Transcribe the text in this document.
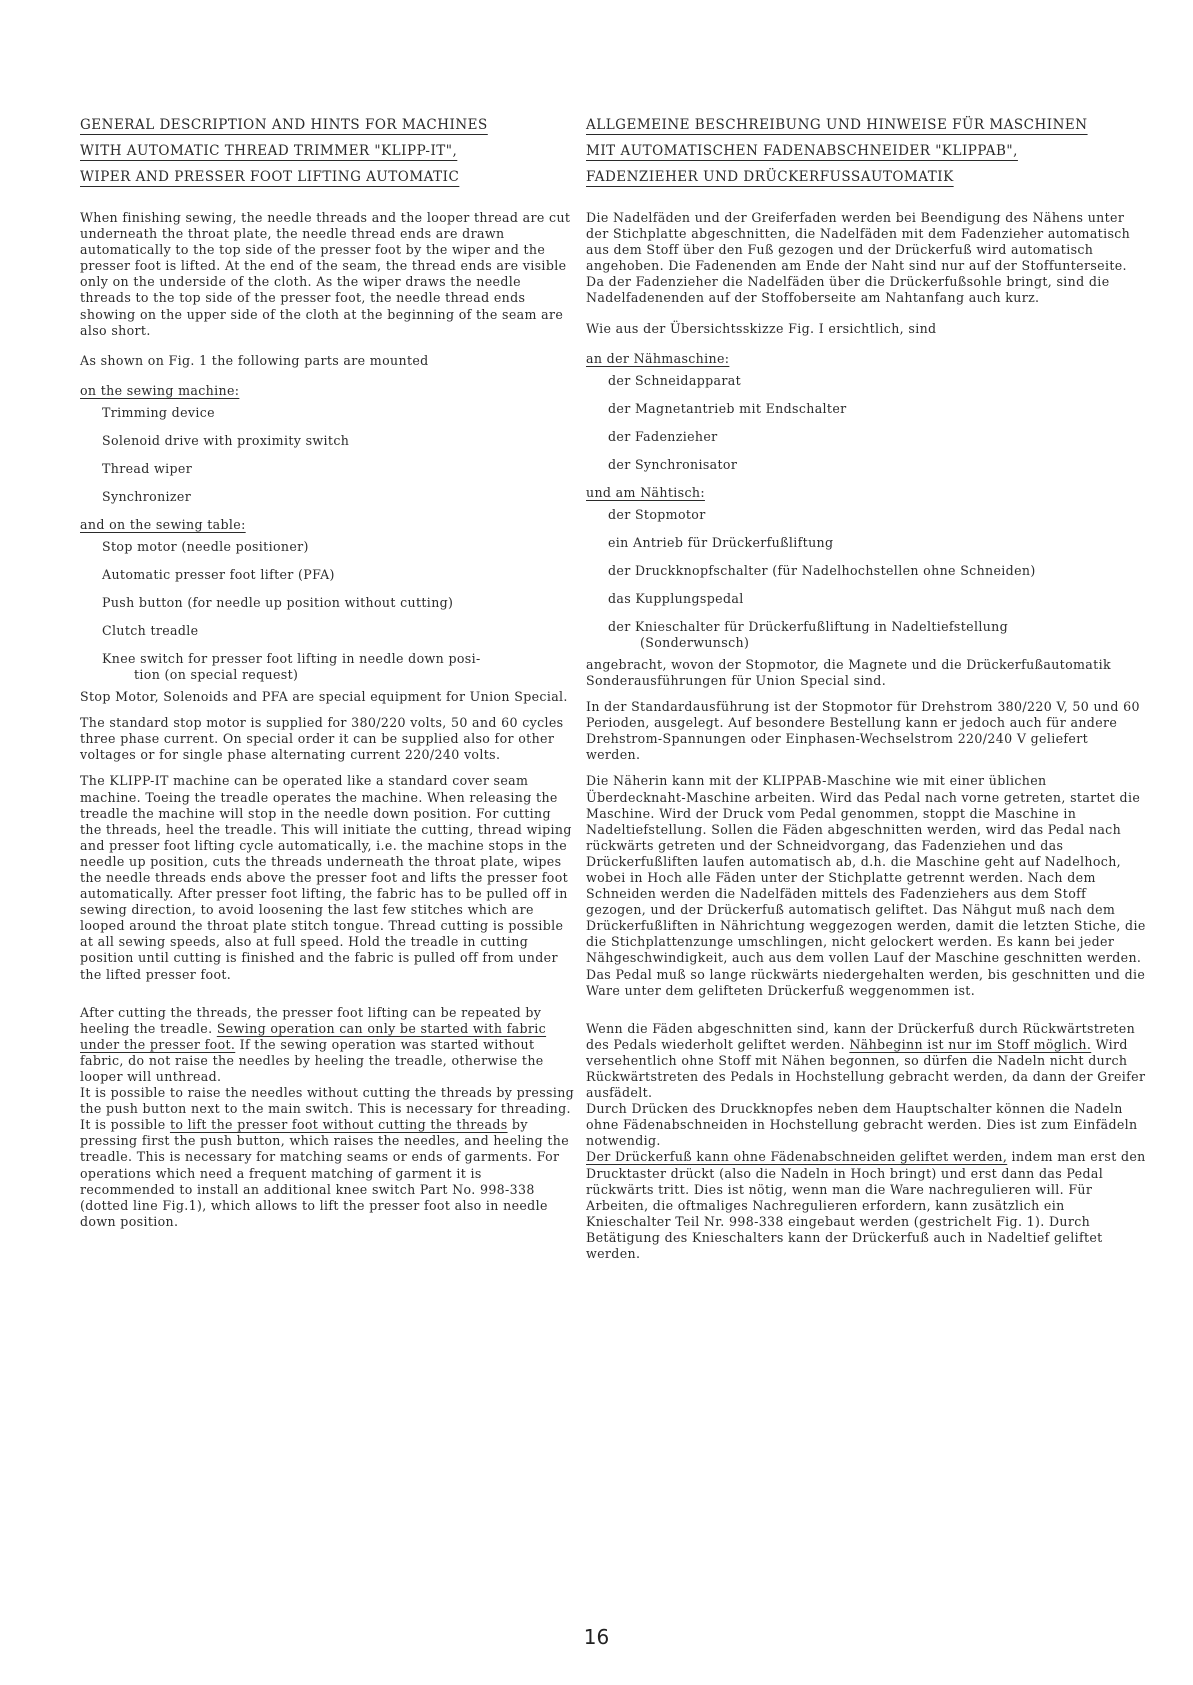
GENERAL DESCRIPTION AND HINTS FOR MACHINES
WITH AUTOMATIC THREAD TRIMMER "KLIPP-IT",
WIPER AND PRESSER FOOT LIFTING AUTOMATIC

When finishing sewing, the needle threads and the looper thread are cut underneath the throat plate, the needle thread ends are drawn automatically to the top side of the presser foot by the wiper and the presser foot is lifted. At the end of the seam, the thread ends are visible only on the underside of the cloth. As the wiper draws the needle threads to the top side of the presser foot, the needle thread ends showing on the upper side of the cloth at the beginning of the seam are also short.

As shown on Fig. 1 the following parts are mounted

on the sewing machine:

Trimming device
Solenoid drive with proximity switch
Thread wiper
Synchronizer

and on the sewing table:

Stop motor (needle positioner)
Automatic presser foot lifter (PFA)
Push button (for needle up position without cutting)
Clutch treadle
Knee switch for presser foot lifting in needle down posi-
tion (on special request)

Stop Motor, Solenoids and PFA are special equipment for Union Special.

The standard stop motor is supplied for 380/220 volts, 50 and 60 cycles three phase current. On special order it can be supplied also for other voltages or for single phase alternating current 220/240 volts.

The KLIPP-IT machine can be operated like a standard cover seam machine. Toeing the treadle operates the machine. When releasing the treadle the machine will stop in the needle down position. For cutting the threads, heel the treadle. This will initiate the cutting, thread wiping and presser foot lifting cycle automatically, i.e. the machine stops in the needle up position, cuts the threads underneath the throat plate, wipes the needle threads ends above the presser foot and lifts the presser foot automatically. After presser foot lifting, the fabric has to be pulled off in sewing direction, to avoid loosening the last few stitches which are looped around the throat plate stitch tongue. Thread cutting is possible at all sewing speeds, also at full speed. Hold the treadle in cutting position until cutting is finished and the fabric is pulled off from under the lifted presser foot.

After cutting the threads, the presser foot lifting can be repeated by heeling the treadle. Sewing operation can only be started with fabric under the presser foot. If the sewing operation was started without fabric, do not raise the needles by heeling the treadle, otherwise the looper will unthread.

It is possible to raise the needles without cutting the threads by pressing the push button next to the main switch. This is necessary for threading.

It is possible to lift the presser foot without cutting the threads by pressing first the push button, which raises the needles, and heeling the treadle. This is necessary for matching seams or ends of garments. For operations which need a frequent matching of garment it is recommended to install an additional knee switch Part No. 998-338 (dotted line Fig.1), which allows to lift the presser foot also in needle down position.

ALLGEMEINE BESCHREIBUNG UND HINWEISE FÜR MASCHINEN
MIT AUTOMATISCHEN FADENABSCHNEIDER "KLIPPAB",
FADENZIEHER UND DRÜCKERFUSSAUTOMATIK

Die Nadelfäden und der Greiferfaden werden bei Beendigung des Nähens unter der Stichplatte abgeschnitten, die Nadelfäden mit dem Fadenzieher automatisch aus dem Stoff über den Fuß gezogen und der Drückerfuß wird automatisch angehoben. Die Fadenenden am Ende der Naht sind nur auf der Stoffunterseite. Da der Fadenzieher die Nadelfäden über die Drückerfußsohle bringt, sind die Nadelfadenenden auf der Stoffoberseite am Nahtanfang auch kurz.

Wie aus der Übersichtsskizze Fig. I ersichtlich, sind

an der Nähmaschine:

der Schneidapparat
der Magnetantrieb mit Endschalter
der Fadenzieher
der Synchronisator

und am Nähtisch:

der Stopmotor
ein Antrieb für Drückerfußliftung
der Druckknopfschalter (für Nadelhochstellen ohne Schneiden)
das Kupplungspedal
der Knieschalter für Drückerfußliftung in Nadeltiefstellung
(Sonderwunsch)

angebracht, wovon der Stopmotor, die Magnete und die Drückerfußautomatik Sonderausführungen für Union Special sind.

In der Standardausführung ist der Stopmotor für Drehstrom 380/220 V, 50 und 60 Perioden, ausgelegt. Auf besondere Bestellung kann er jedoch auch für andere Drehstrom-Spannungen oder Einphasen-Wechselstrom 220/240 V geliefert werden.

Die Näherin kann mit der KLIPPAB-Maschine wie mit einer üblichen Überdecknaht-Maschine arbeiten. Wird das Pedal nach vorne getreten, startet die Maschine. Wird der Druck vom Pedal genommen, stoppt die Maschine in Nadeltiefstellung. Sollen die Fäden abgeschnitten werden, wird das Pedal nach rückwärts getreten und der Schneidvorgang, das Fadenziehen und das Drückerfußliften laufen automatisch ab, d.h. die Maschine geht auf Nadelhoch, wobei in Hoch alle Fäden unter der Stichplatte getrennt werden. Nach dem Schneiden werden die Nadelfäden mittels des Fadenziehers aus dem Stoff gezogen, und der Drückerfuß automatisch geliftet. Das Nähgut muß nach dem Drückerfußliften in Nährichtung weggezogen werden, damit die letzten Stiche, die die Stichplattenzunge umschlingen, nicht gelockert werden. Es kann bei jeder Nähgeschwindigkeit, auch aus dem vollen Lauf der Maschine geschnitten werden. Das Pedal muß so lange rückwärts niedergehalten werden, bis geschnitten und die Ware unter dem gelifteten Drückerfuß weggenommen ist.

Wenn die Fäden abgeschnitten sind, kann der Drückerfuß durch Rückwärtstreten des Pedals wiederholt geliftet werden. Nähbeginn ist nur im Stoff möglich. Wird versehentlich ohne Stoff mit Nähen begonnen, so dürfen die Nadeln nicht durch Rückwärtstreten des Pedals in Hochstellung gebracht werden, da dann der Greifer ausfädelt.

Durch Drücken des Druckknopfes neben dem Hauptschalter können die Nadeln ohne Fädenabschneiden in Hochstellung gebracht werden. Dies ist zum Einfädeln notwendig.

Der Drückerfuß kann ohne Fädenabschneiden geliftet werden, indem man erst den Drucktaster drückt (also die Nadeln in Hoch bringt) und erst dann das Pedal rückwärts tritt. Dies ist nötig, wenn man die Ware nachregulieren will. Für Arbeiten, die oftmaliges Nachregulieren erfordern, kann zusätzlich ein Knieschalter Teil Nr. 998-338 eingebaut werden (gestrichelt Fig. 1). Durch Betätigung des Knieschalters kann der Drückerfuß auch in Nadeltief geliftet werden.

16
